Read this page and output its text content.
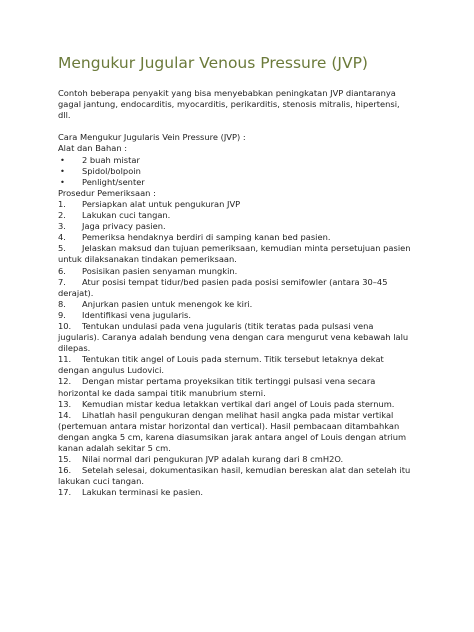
Mengukur Jugular Venous Pressure (JVP)
Contoh beberapa penyakit yang bisa menyebabkan peningkatan JVP diantaranya
gagal jantung, endocarditis, myocarditis, perikarditis, stenosis mitralis, hipertensi,
dll.
Cara Mengukur Jugularis Vein Pressure (JVP) :
Alat dan Bahan :
• 2 buah mistar
• Spidol/bolpoin
• Penlight/senter
Prosedur Pemeriksaan :
1. Persiapkan alat untuk pengukuran JVP
2. Lakukan cuci tangan.
3. Jaga privacy pasien.
4. Pemeriksa hendaknya berdiri di samping kanan bed pasien.
5. Jelaskan maksud dan tujuan pemeriksaan, kemudian minta persetujuan pasien
untuk dilaksanakan tindakan pemeriksaan.
6. Posisikan pasien senyaman mungkin.
7. Atur posisi tempat tidur/bed pasien pada posisi semifowler (antara 30–45
derajat).
8. Anjurkan pasien untuk menengok ke kiri.
9. Identifikasi vena jugularis.
10. Tentukan undulasi pada vena jugularis (titik teratas pada pulsasi vena
jugularis). Caranya adalah bendung vena dengan cara mengurut vena kebawah lalu
dilepas.
11. Tentukan titik angel of Louis pada sternum. Titik tersebut letaknya dekat
dengan angulus Ludovici.
12. Dengan mistar pertama proyeksikan titik tertinggi pulsasi vena secara
horizontal ke dada sampai titik manubrium sterni.
13. Kemudian mistar kedua letakkan vertikal dari angel of Louis pada sternum.
14. Lihatlah hasil pengukuran dengan melihat hasil angka pada mistar vertikal
(pertemuan antara mistar horizontal dan vertical). Hasil pembacaan ditambahkan
dengan angka 5 cm, karena diasumsikan jarak antara angel of Louis dengan atrium
kanan adalah sekitar 5 cm.
15. Nilai normal dari pengukuran JVP adalah kurang dari 8 cmH2O.
16. Setelah selesai, dokumentasikan hasil, kemudian bereskan alat dan setelah itu
lakukan cuci tangan.
17. Lakukan terminasi ke pasien.
